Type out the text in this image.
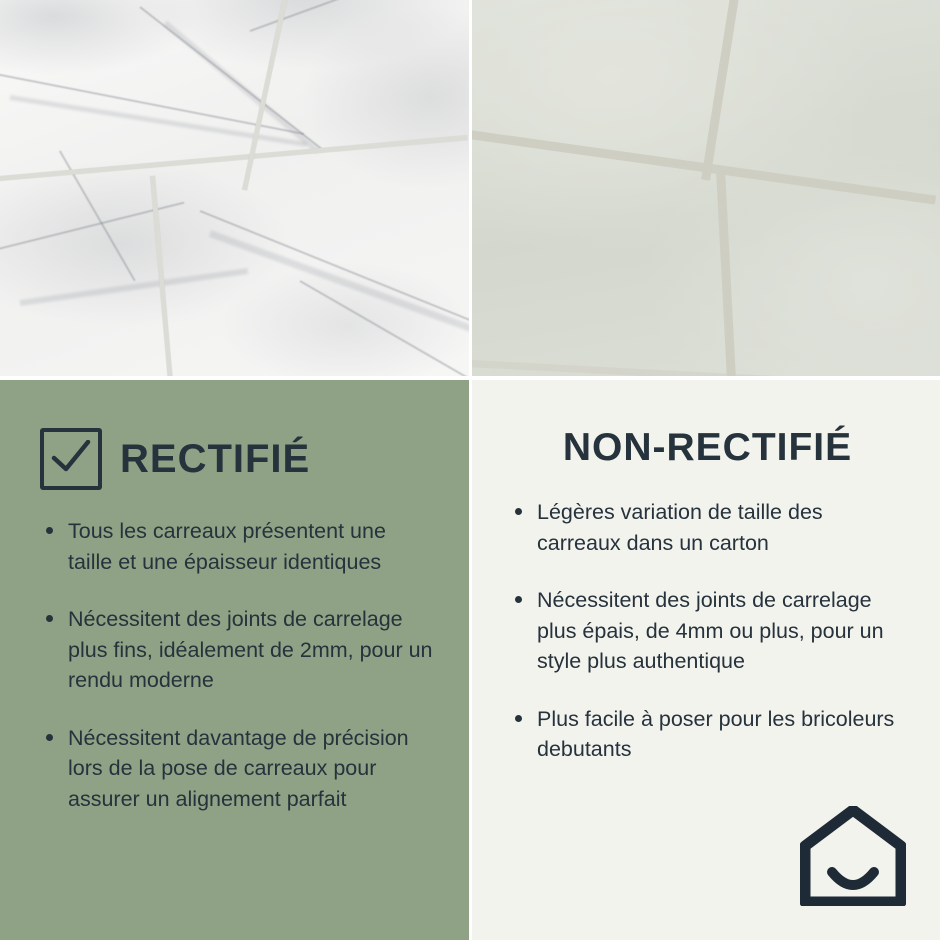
RECTIFIÉ
Tous les carreaux présentent une taille et une épaisseur identiques
Nécessitent des joints de carrelage plus fins, idéalement de 2mm, pour un rendu moderne
Nécessitent davantage de précision lors de la pose de carreaux pour assurer un alignement parfait
NON-RECTIFIÉ
Légères variation de taille des carreaux dans un carton
Nécessitent des joints de carrelage plus épais, de 4mm ou plus, pour un style plus authentique
Plus facile à poser pour les bricoleurs debutants
